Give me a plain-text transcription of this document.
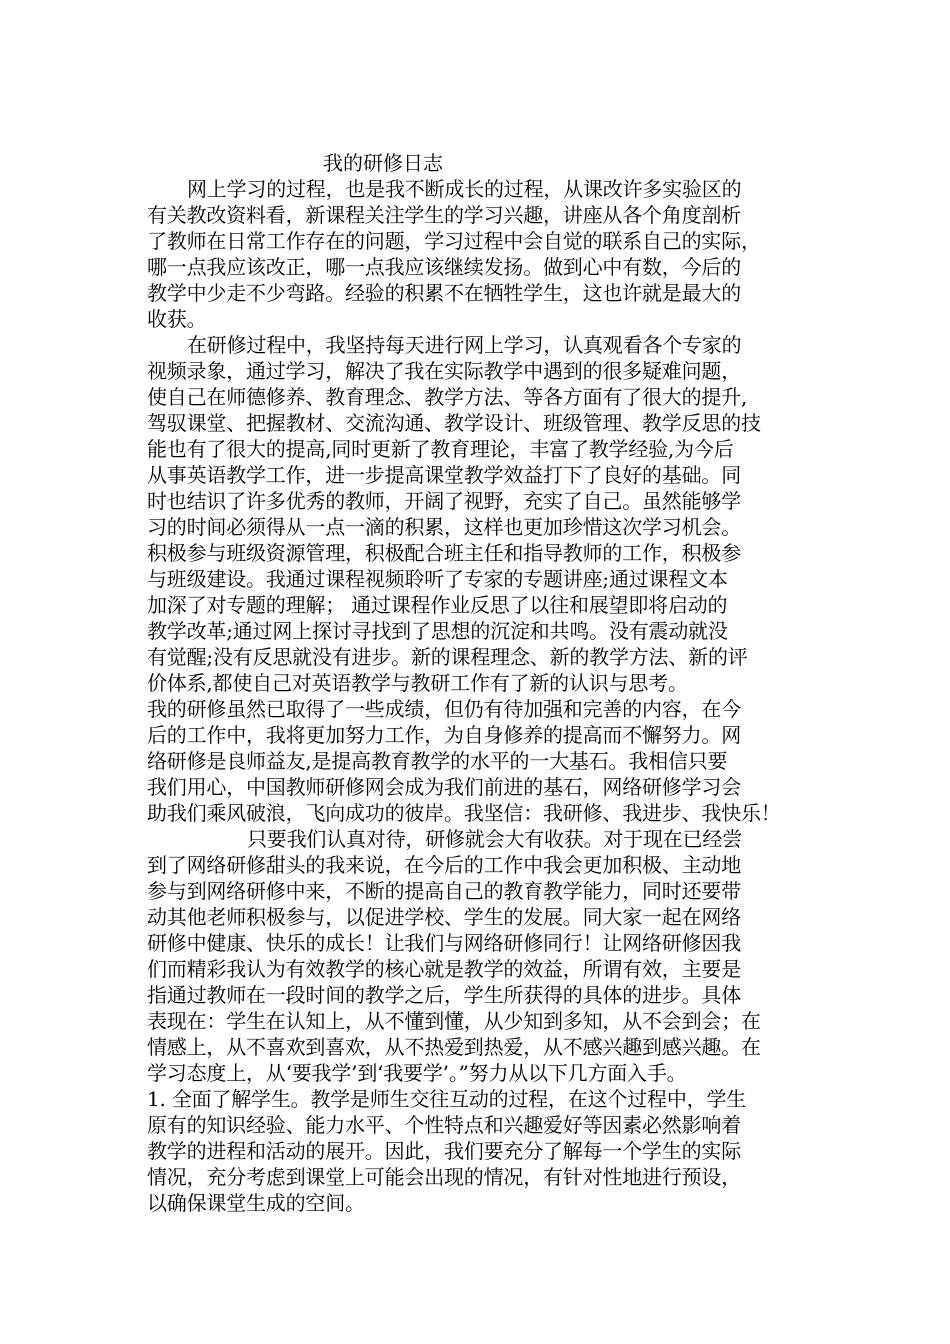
我的研修日志
网上学习的过程，也是我不断成长的过程，从课改许多实验区的
有关教改资料看，新课程关注学生的学习兴趣，讲座从各个角度剖析
了教师在日常工作存在的问题，学习过程中会自觉的联系自己的实际，
哪一点我应该改正，哪一点我应该继续发扬。做到心中有数，今后的
教学中少走不少弯路。经验的积累不在牺牲学生，这也许就是最大的
收获。
在研修过程中，我坚持每天进行网上学习，认真观看各个专家的
视频录象，通过学习，解决了我在实际教学中遇到的很多疑难问题，
使自己在师德修养、教育理念、教学方法、等各方面有了很大的提升,
驾驭课堂、把握教材、交流沟通、教学设计、班级管理、教学反思的技
能也有了很大的提高,同时更新了教育理论，丰富了教学经验,为今后
从事英语教学工作，进一步提高课堂教学效益打下了良好的基础。同
时也结识了许多优秀的教师，开阔了视野，充实了自己。虽然能够学
习的时间必须得从一点一滴的积累，这样也更加珍惜这次学习机会。
积极参与班级资源管理，积极配合班主任和指导教师的工作，积极参
与班级建设。我通过课程视频聆听了专家的专题讲座;通过课程文本
加深了对专题的理解； 通过课程作业反思了以往和展望即将启动的
教学改革;通过网上探讨寻找到了思想的沉淀和共鸣。没有震动就没
有觉醒;没有反思就没有进步。新的课程理念、新的教学方法、新的评
价体系,都使自己对英语教学与教研工作有了新的认识与思考。
我的研修虽然已取得了一些成绩，但仍有待加强和完善的内容，在今
后的工作中，我将更加努力工作，为自身修养的提高而不懈努力。网
络研修是良师益友,是提高教育教学的水平的一大基石。我相信只要
我们用心，中国教师研修网会成为我们前进的基石，网络研修学习会
助我们乘风破浪，飞向成功的彼岸。我坚信：我研修、我进步、我快乐！
只要我们认真对待，研修就会大有收获。对于现在已经尝
到了网络研修甜头的我来说，在今后的工作中我会更加积极、主动地
参与到网络研修中来，不断的提高自己的教育教学能力，同时还要带
动其他老师积极参与，以促进学校、学生的发展。同大家一起在网络
研修中健康、快乐的成长！让我们与网络研修同行！让网络研修因我
们而精彩我认为有效教学的核心就是教学的效益，所谓有效，主要是
指通过教师在一段时间的教学之后，学生所获得的具体的进步。具体
表现在：学生在认知上，从不懂到懂，从少知到多知，从不会到会；在
情感上，从不喜欢到喜欢，从不热爱到热爱，从不感兴趣到感兴趣。在
学习态度上，从‘要我学’到‘我要学’。”努力从以下几方面入手。
1. 全面了解学生。教学是师生交往互动的过程，在这个过程中，学生
原有的知识经验、能力水平、个性特点和兴趣爱好等因素必然影响着
教学的进程和活动的展开。因此，我们要充分了解每一个学生的实际
情况，充分考虑到课堂上可能会出现的情况，有针对性地进行预设，
以确保课堂生成的空间。
